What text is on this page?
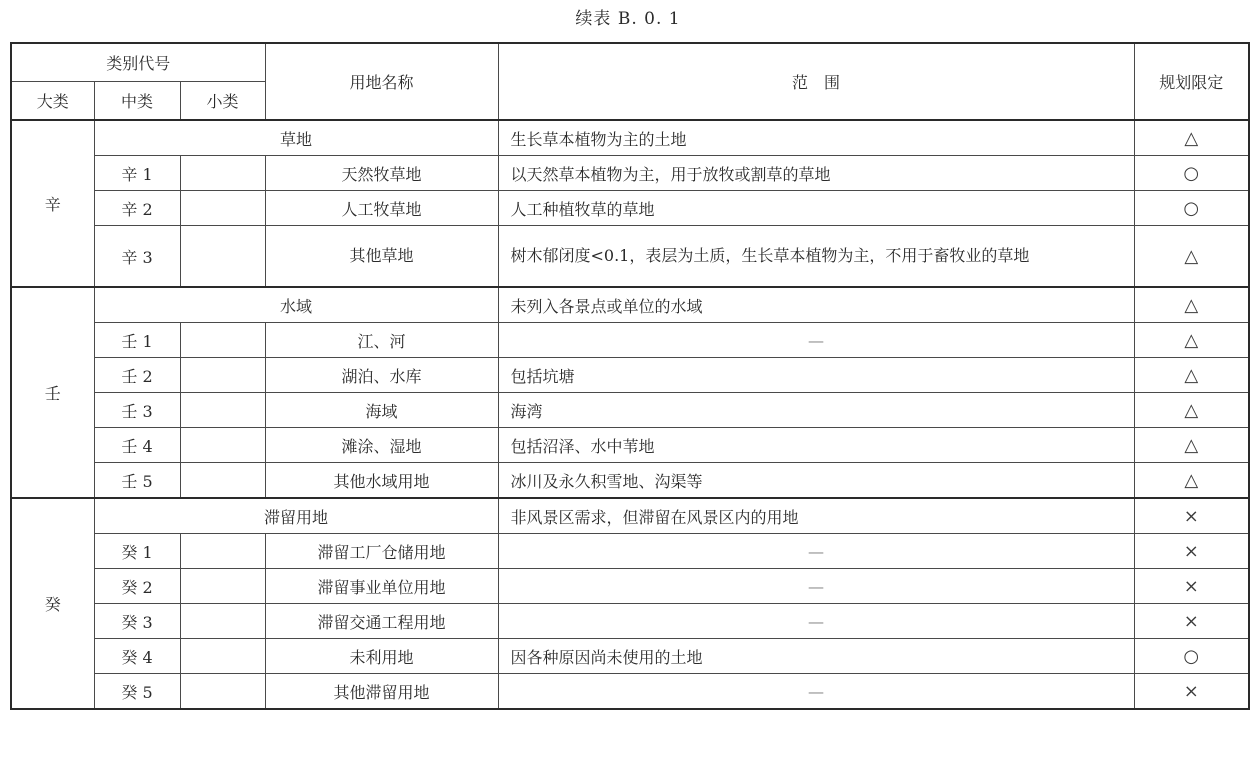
续表 B. 0. 1
类别代号			用地名称	范　围	规划限定
大类	中类	小类			
辛	草地			生长草本植物为主的土地	△
	辛 1		天然牧草地	以天然草本植物为主，用于放牧或割草的草地	○
	辛 2		人工牧草地	人工种植牧草的草地	○
	辛 3		其他草地	树木郁闭度<0.1，表层为土质，生长草本植物为主，不用于畜牧业的草地	△
壬	水域			未列入各景点或单位的水域	△
	壬 1		江、河	—	△
	壬 2		湖泊、水库	包括坑塘	△
	壬 3		海域	海湾	△
	壬 4		滩涂、湿地	包括沼泽、水中苇地	△
	壬 5		其他水域用地	冰川及永久积雪地、沟渠等	△
癸	滞留用地			非风景区需求，但滞留在风景区内的用地	×
	癸 1		滞留工厂仓储用地	—	×
	癸 2		滞留事业单位用地	—	×
	癸 3		滞留交通工程用地	—	×
	癸 4		未利用地	因各种原因尚未使用的土地	○
	癸 5		其他滞留用地	—	×
